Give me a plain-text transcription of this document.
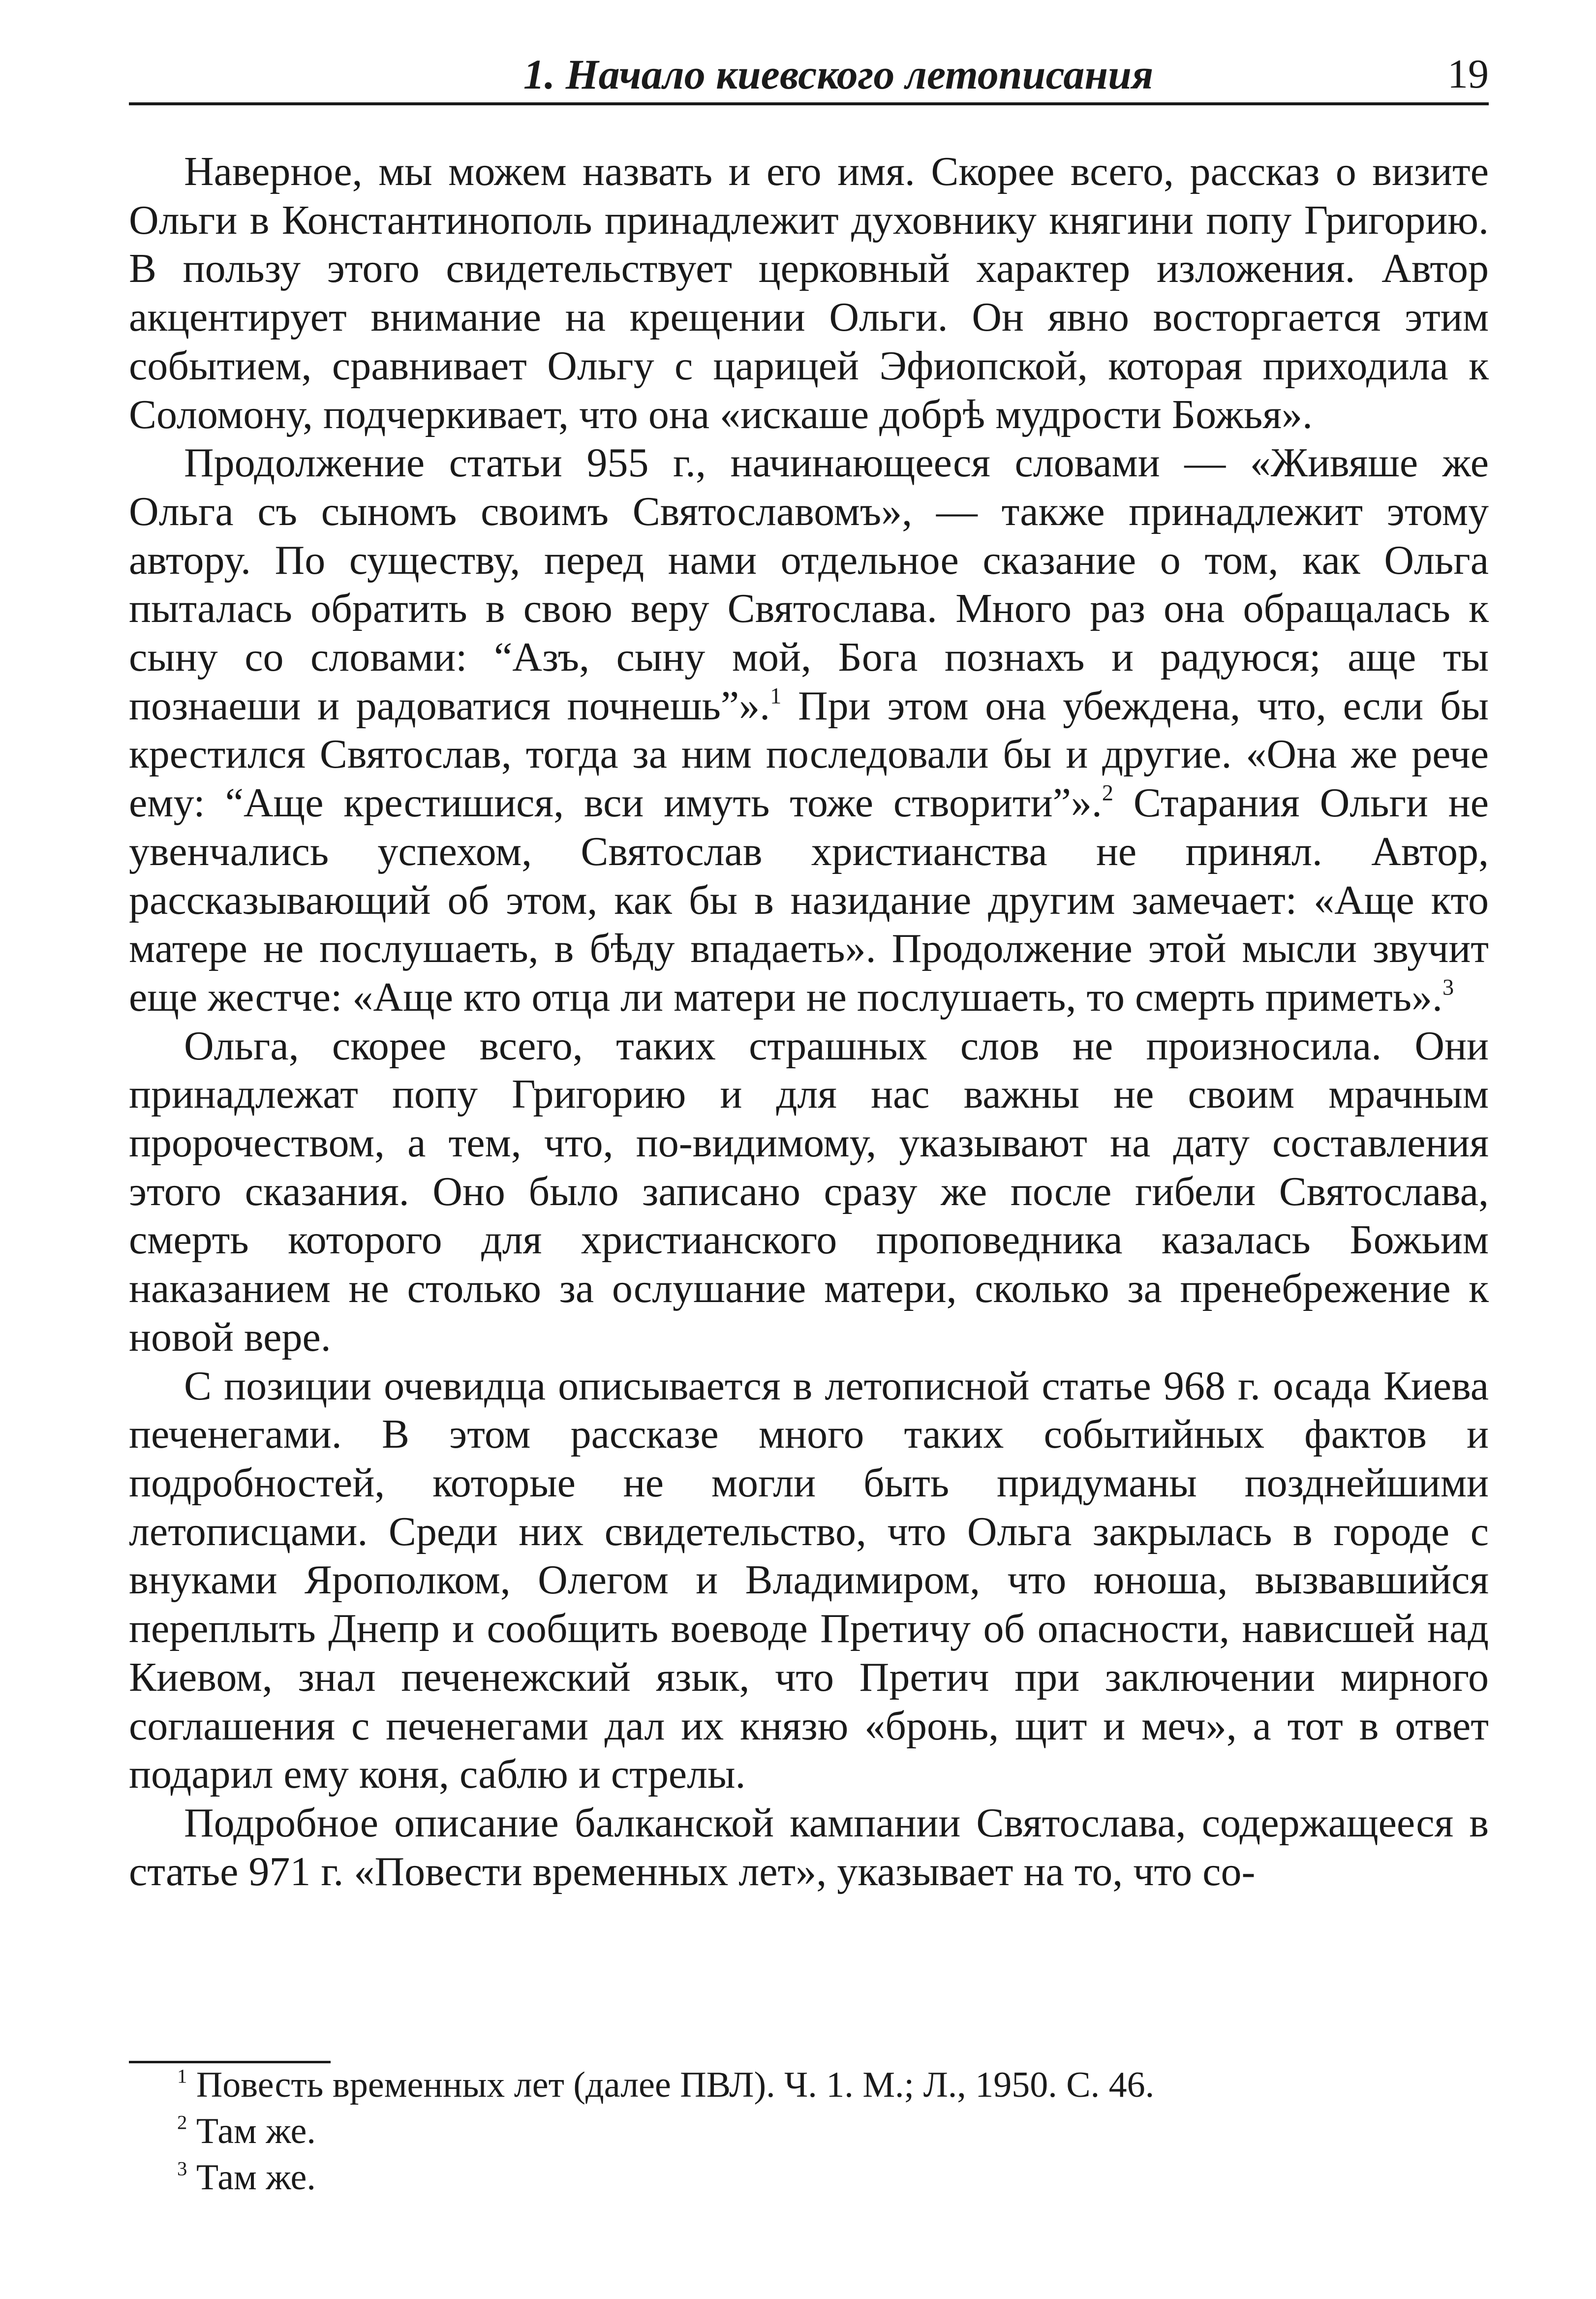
1. Начало киевского летописания	19

Наверное, мы можем назвать и его имя. Скорее всего, рассказ о визите Ольги в Константинополь принадлежит духовнику княгини попу Григорию. В пользу этого свидетельствует церковный характер изложения. Автор акцентирует внимание на крещении Ольги. Он явно восторгается этим событием, сравнивает Ольгу с царицей Эфиопской, которая приходила к Соломону, подчеркивает, что она «искаше добрѣ мудрости Божья».

Продолжение статьи 955 г., начинающееся словами — «Живяше же Ольга съ сыномъ своимъ Святославомъ», — также принадлежит этому автору. По существу, перед нами отдельное сказание о том, как Ольга пыталась обратить в свою веру Святослава. Много раз она обращалась к сыну со словами: “Азъ, сыну мой, Бога познахъ и радуюся; аще ты познаеши и радоватися почнешь”».$^1$ При этом она убеждена, что, если бы крестился Святослав, тогда за ним последовали бы и другие. «Она же рече ему: “Аще крестишися, вси имуть тоже створити”».$^2$ Старания Ольги не увенчались успехом, Святослав христианства не принял. Автор, рассказывающий об этом, как бы в назидание другим замечает: «Аще кто матере не послушаеть, в бѣду впадаеть». Продолжение этой мысли звучит еще жестче: «Аще кто отца ли матери не послушаеть, то смерть приметь».$^3$

Ольга, скорее всего, таких страшных слов не произносила. Они принадлежат попу Григорию и для нас важны не своим мрачным пророчеством, а тем, что, по-видимому, указывают на дату составления этого сказания. Оно было записано сразу же после гибели Святослава, смерть которого для христианского проповедника казалась Божьим наказанием не столько за ослушание матери, сколько за пренебрежение к новой вере.

С позиции очевидца описывается в летописной статье 968 г. осада Киева печенегами. В этом рассказе много таких событийных фактов и подробностей, которые не могли быть придуманы позднейшими летописцами. Среди них свидетельство, что Ольга закрылась в городе с внуками Ярополком, Олегом и Владимиром, что юноша, вызвавшийся переплыть Днепр и сообщить воеводе Претичу об опасности, нависшей над Киевом, знал печенежский язык, что Претич при заключении мирного соглашения с печенегами дал их князю «бронь, щит и меч», а тот в ответ подарил ему коня, саблю и стрелы.

Подробное описание балканской кампании Святослава, содержащееся в статье 971 г. «Повести временных лет», указывает на то, что со-

$^1$ Повесть временных лет (далее ПВЛ). Ч. 1. М.; Л., 1950. С. 46.

$^2$ Там же.

$^3$ Там же.
